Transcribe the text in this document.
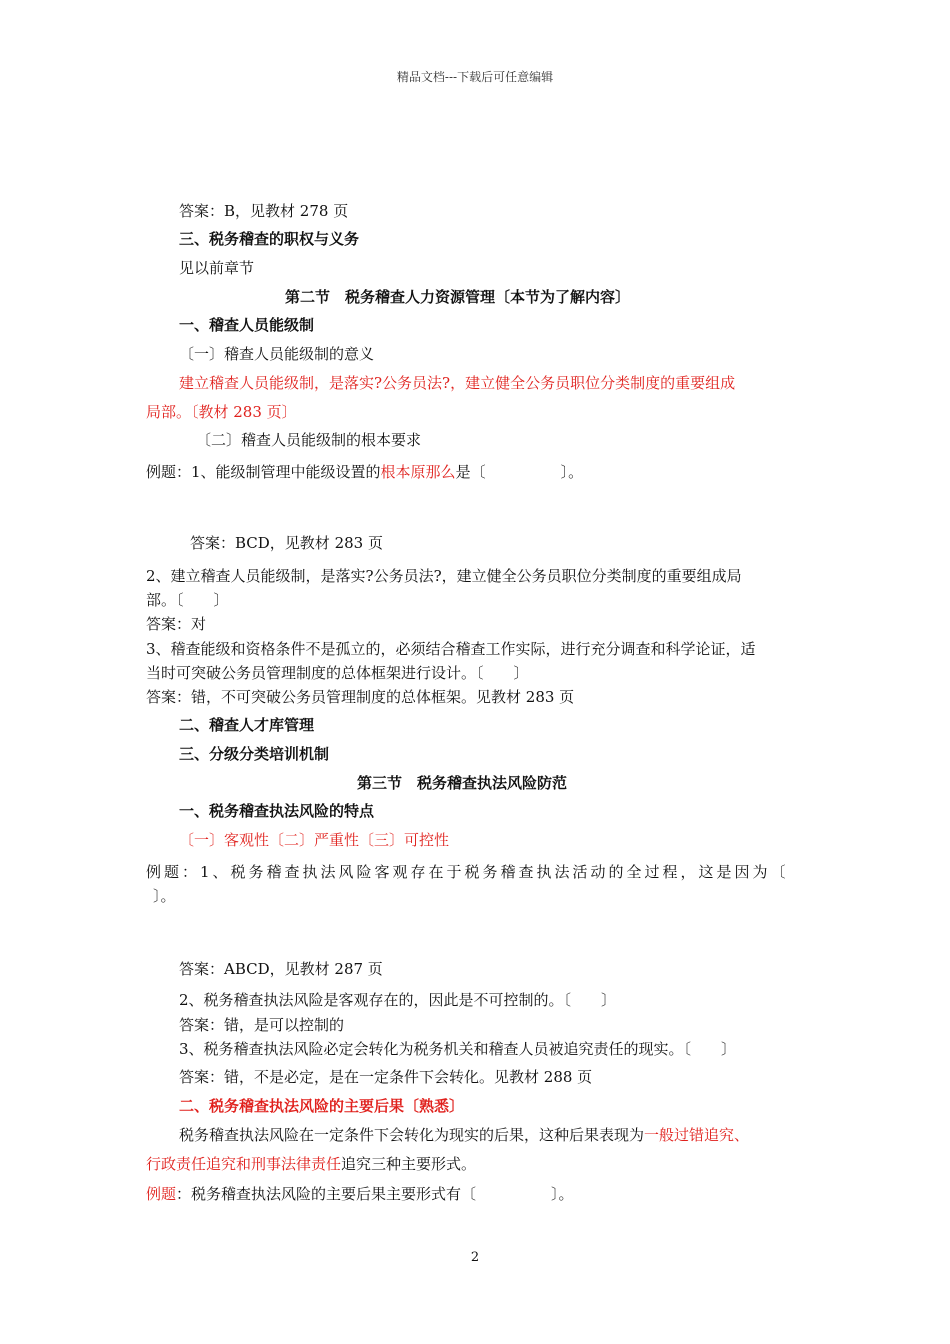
精品文档---下载后可任意编辑
答案：B，见教材 278 页
三、税务稽查的职权与义务
见以前章节
第二节　税务稽查人力资源管理〔本节为了解内容〕
一、稽查人员能级制
〔一〕稽查人员能级制的意义
建立稽查人员能级制，是落实?公务员法?，建立健全公务员职位分类制度的重要组成
局部。〔教材 283 页〕
〔二〕稽查人员能级制的根本要求
例题：1、能级制管理中能级设置的根本原那么是〔　　　　　〕。
答案：BCD，见教材 283 页
2、建立稽查人员能级制，是落实?公务员法?，建立健全公务员职位分类制度的重要组成局
部。〔　　〕
答案：对
3、稽查能级和资格条件不是孤立的，必须结合稽查工作实际，进行充分调查和科学论证，适
当时可突破公务员管理制度的总体框架进行设计。〔　　〕
答案：错，不可突破公务员管理制度的总体框架。见教材 283 页
二、稽查人才库管理
三、分级分类培训机制
第三节　税务稽查执法风险防范
一、税务稽查执法风险的特点
〔一〕客观性〔二〕严重性〔三〕可控性
例题：1、税务稽查执法风险客观存在于税务稽查执法活动的全过程，这是因为〔
〕。
答案：ABCD，见教材 287 页
2、税务稽查执法风险是客观存在的，因此是不可控制的。〔　　〕
答案：错，是可以控制的
3、税务稽查执法风险必定会转化为税务机关和稽查人员被追究责任的现实。〔　　〕
答案：错，不是必定，是在一定条件下会转化。见教材 288 页
二、税务稽查执法风险的主要后果〔熟悉〕
税务稽查执法风险在一定条件下会转化为现实的后果，这种后果表现为一般过错追究、
行政责任追究和刑事法律责任追究三种主要形式。
例题：税务稽查执法风险的主要后果主要形式有〔　　　　　〕。
2
